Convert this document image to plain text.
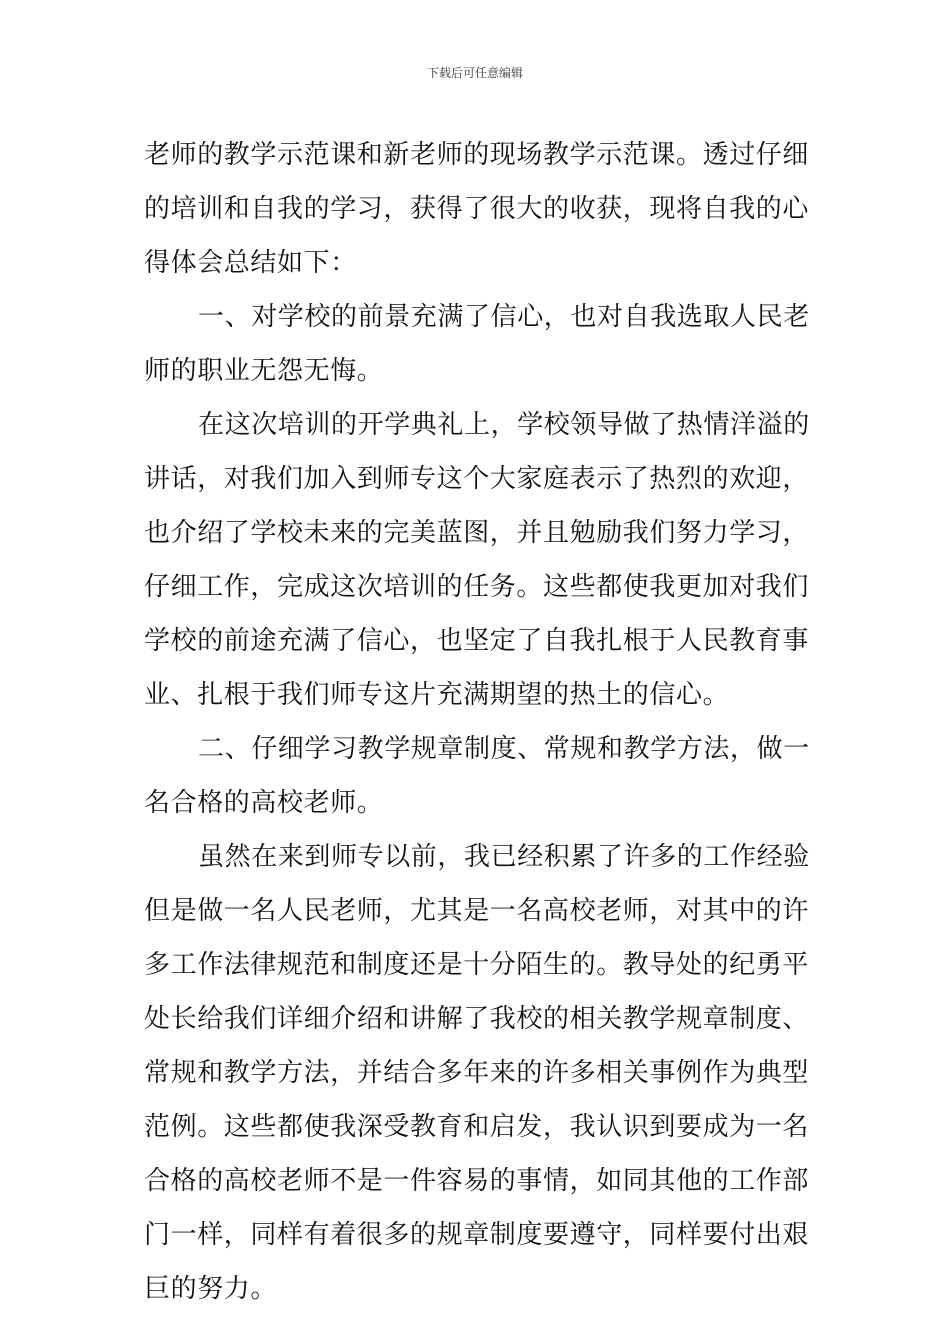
下载后可任意编辑
老师的教学示范课和新老师的现场教学示范课。透过仔细
的培训和自我的学习，获得了很大的收获，现将自我的心
得体会总结如下：
一、对学校的前景充满了信心，也对自我选取人民老
师的职业无怨无悔。
在这次培训的开学典礼上，学校领导做了热情洋溢的
讲话，对我们加入到师专这个大家庭表示了热烈的欢迎，
也介绍了学校未来的完美蓝图，并且勉励我们努力学习，
仔细工作，完成这次培训的任务。这些都使我更加对我们
学校的前途充满了信心，也坚定了自我扎根于人民教育事
业、扎根于我们师专这片充满期望的热土的信心。
二、仔细学习教学规章制度、常规和教学方法，做一
名合格的高校老师。
虽然在来到师专以前，我已经积累了许多的工作经验
但是做一名人民老师，尤其是一名高校老师，对其中的许
多工作法律规范和制度还是十分陌生的。教导处的纪勇平
处长给我们详细介绍和讲解了我校的相关教学规章制度、
常规和教学方法，并结合多年来的许多相关事例作为典型
范例。这些都使我深受教育和启发，我认识到要成为一名
合格的高校老师不是一件容易的事情，如同其他的工作部
门一样，同样有着很多的规章制度要遵守，同样要付出艰
巨的努力。
